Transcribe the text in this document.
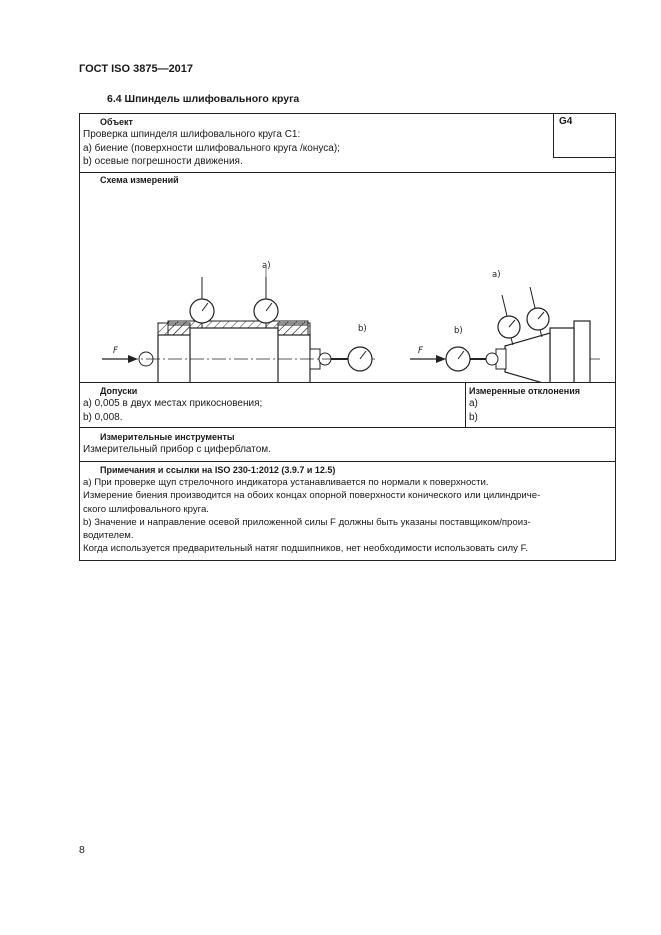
ГОСТ ISO 3875—2017
6.4 Шпиндель шлифовального круга
Объект
Проверка шпинделя шлифовального круга C1:
a) биение (поверхности шлифовального круга /конуса);
b) осевые погрешности движения.
G4
Схема измерений
F
a)
b)
F
b)
a)
Допуски
a) 0,005 в двух местах прикосновения;
b) 0,008.
Измеренные отклонения
a)
b)
Измерительные инструменты
Измерительный прибор с циферблатом.
Примечания и ссылки на ISO 230-1:2012 (3.9.7 и 12.5)
a) При проверке щуп стрелочного индикатора устанавливается по нормали к поверхности.
Измерение биения производится на обоих концах опорной поверхности конического или цилиндриче-
ского шлифовального круга.
b) Значение и направление осевой приложенной силы F должны быть указаны поставщиком/произ-
водителем.
Когда используется предварительный натяг подшипников, нет необходимости использовать силу F.
8
